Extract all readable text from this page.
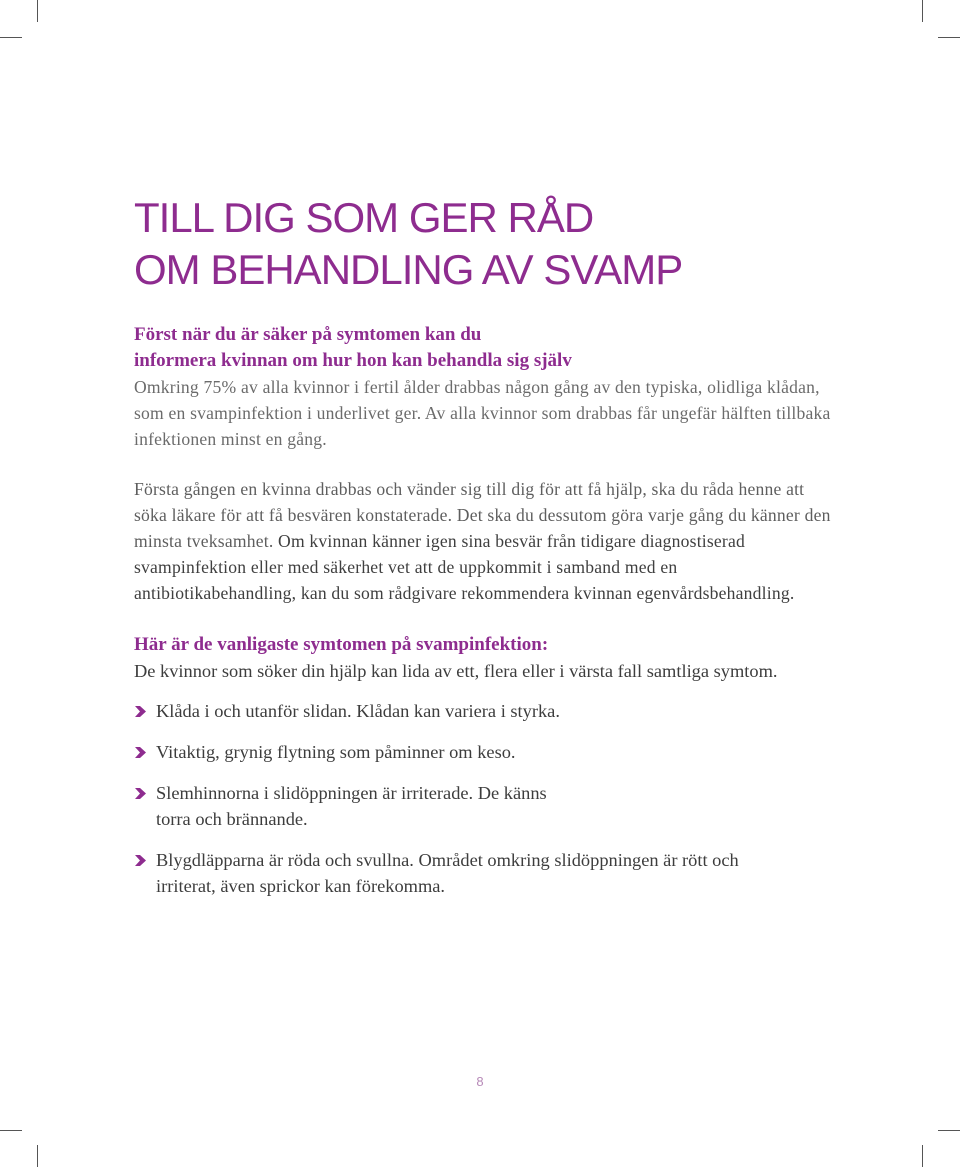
TILL DIG SOM GER RÅD
OM BEHANDLING AV SVAMP
Först när du är säker på symtomen kan du
informera kvinnan om hur hon kan behandla sig själv
Omkring 75% av alla kvinnor i fertil ålder drabbas någon gång av den typiska, olidliga klådan, som en svampinfektion i underlivet ger. Av alla kvinnor som drabbas får ungefär hälften tillbaka infektionen minst en gång.
Första gången en kvinna drabbas och vänder sig till dig för att få hjälp, ska du råda henne att söka läkare för att få besvären konstaterade. Det ska du dessutom göra varje gång du känner den minsta tveksamhet. Om kvinnan känner igen sina besvär från tidigare diagnostiserad svampinfektion eller med säkerhet vet att de uppkommit i samband med en antibiotikabehandling, kan du som rådgivare rekommendera kvinnan egenvårdsbehandling.
Här är de vanligaste symtomen på svampinfektion:
De kvinnor som söker din hjälp kan lida av ett, flera eller i värsta fall samtliga symtom.
Klåda i och utanför slidan. Klådan kan variera i styrka.
Vitaktig, grynig flytning som påminner om keso.
Slemhinnorna i slidöppningen är irriterade. De känns torra och brännande.
Blygdläpparna är röda och svullna. Området omkring slidöppningen är rött och irriterat, även sprickor kan förekomma.
8
